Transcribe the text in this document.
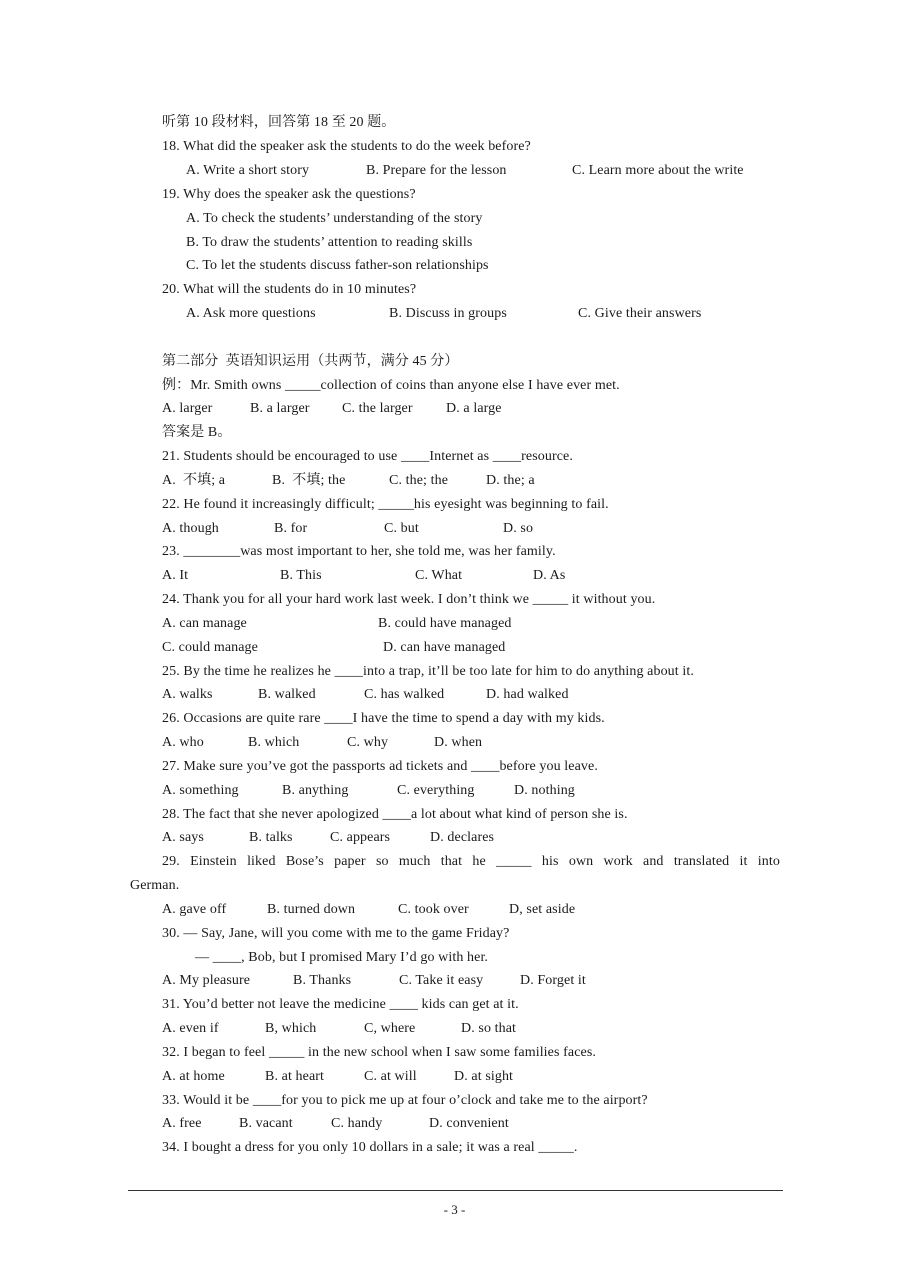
听第 10 段材料，回答第 18 至 20 题。
18. What did the speaker ask the students to do the week before?
A. Write a short story	B. Prepare for the lesson	C. Learn more about the write
19. Why does the speaker ask the questions?
A. To check the students’ understanding of the story
B. To draw the students’ attention to reading skills
C. To let the students discuss father-son relationships
20. What will the students do in 10 minutes?
A. Ask more questions	B. Discuss in groups	C. Give their answers
第二部分  英语知识运用（共两节，满分 45 分）
例：Mr. Smith owns _____collection of coins than anyone else I have ever met.
A. larger	B. a larger C. the larger D. a large
答案是 B。
21. Students should be encouraged to use ____Internet as ____resource.
A.  不填; a	B.  不填; the	C. the; the	D. the; a
22. He found it increasingly difficult; _____his eyesight was beginning to fail.
A. though	B. for	C. but	D. so
23. ________was most important to her, she told me, was her family.
A. It	B. This	C. What	D. As
24. Thank you for all your hard work last week. I don’t think we _____ it without you.
A. can manage	B. could have managed
C. could manage	D. can have managed
25. By the time he realizes he ____into a trap, it’ll be too late for him to do anything about it.
A. walks	B. walked	C. has walked	D. had walked
26. Occasions are quite rare ____I have the time to spend a day with my kids.
A. who	B. which	C. why	D. when
27. Make sure you’ve got the passports ad tickets and ____before you leave.
A. something	B. anything	C. everything	D. nothing
28. The fact that she never apologized ____a lot about what kind of person she is.
A. says	B. talks	C. appears	D. declares
29. Einstein liked Bose’s paper so much that he _____ his own work and translated it into
German.
A. gave off	B. turned down	C. took over	D, set aside
30. — Say, Jane, will you come with me to the game Friday?
— ____, Bob, but I promised Mary I’d go with her.
A. My pleasure	B. Thanks	C. Take it easy	D. Forget it
31. You’d better not leave the medicine ____ kids can get at it.
A. even if	B, which	C, where	D. so that
32. I began to feel _____ in the new school when I saw some families faces.
A. at home	B. at heart	C. at will	D. at sight
33. Would it be ____for you to pick me up at four o’clock and take me to the airport?
A. free	B. vacant	C. handy	D. convenient
34. I bought a dress for you only 10 dollars in a sale; it was a real _____.
- 3 -
